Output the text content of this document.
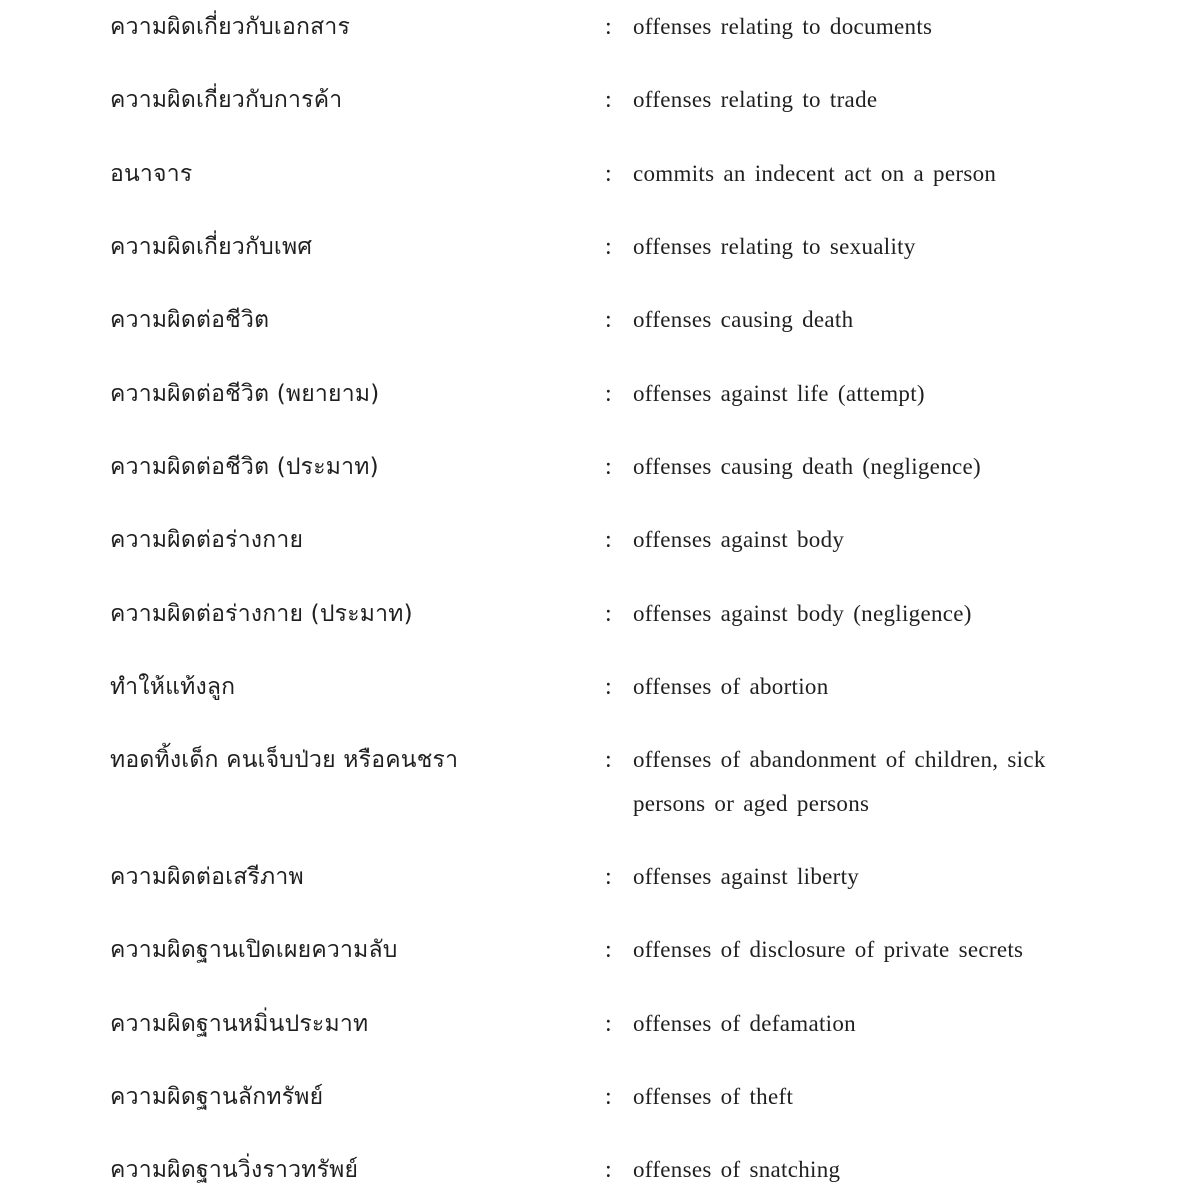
ความผิดเกี่ยวกับเอกสาร	: offenses relating to documents
ความผิดเกี่ยวกับการค้า	: offenses relating to trade
อนาจาร	: commits an indecent act on a person
ความผิดเกี่ยวกับเพศ	: offenses relating to sexuality
ความผิดต่อชีวิต	: offenses causing death
ความผิดต่อชีวิต (พยายาม)	: offenses against life (attempt)
ความผิดต่อชีวิต (ประมาท)	: offenses causing death (negligence)
ความผิดต่อร่างกาย	: offenses against body
ความผิดต่อร่างกาย (ประมาท)	: offenses against body (negligence)
ทำให้แท้งลูก	: offenses of abortion
ทอดทิ้งเด็ก คนเจ็บป่วย หรือคนชรา	: offenses of abandonment of children, sick persons or aged persons
ความผิดต่อเสรีภาพ	: offenses against liberty
ความผิดฐานเปิดเผยความลับ	: offenses of disclosure of private secrets
ความผิดฐานหมิ่นประมาท	: offenses of defamation
ความผิดฐานลักทรัพย์	: offenses of theft
ความผิดฐานวิ่งราวทรัพย์	: offenses of snatching
